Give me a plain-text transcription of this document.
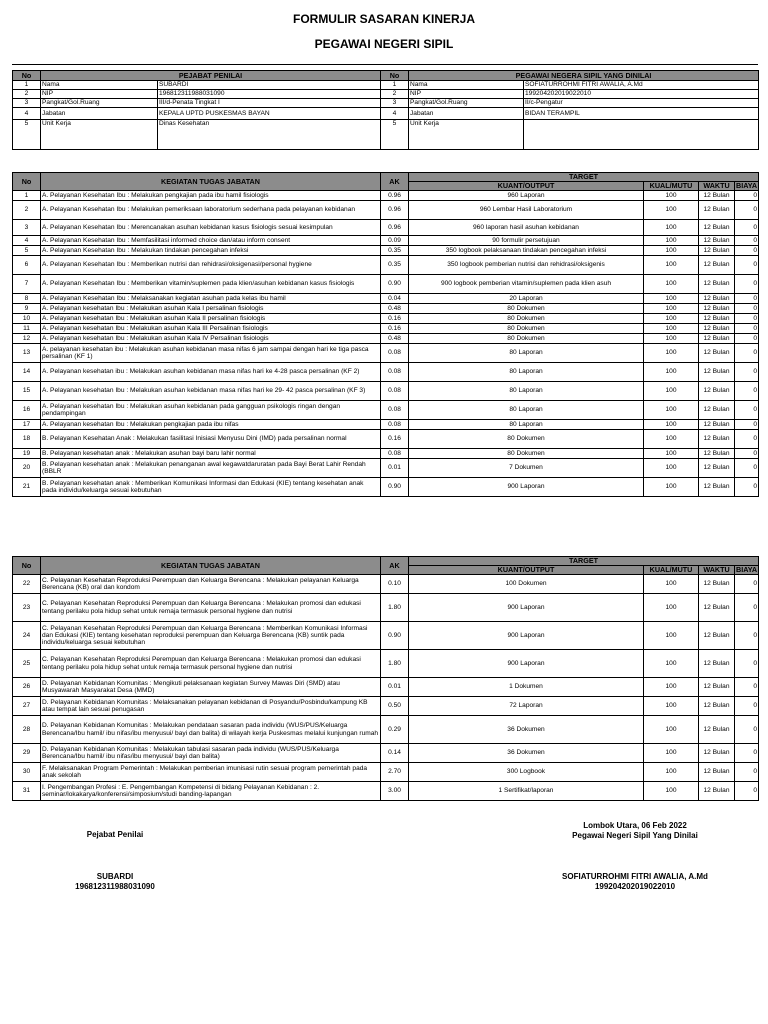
FORMULIR SASARAN KINERJA
PEGAWAI NEGERI SIPIL
No	PEJABAT PENILAI		No	PEGAWAI NEGERA SIPIL YANG DINILAI	
1	Nama	SUBARDI	1	Nama	SOFIATURROHMI FITRI AWALIA, A.Md
2	NIP	196812311988031090	2	NIP	199204202019022010
3	Pangkat/Gol.Ruang	III/d-Penata Tingkat I	3	Pangkat/Gol.Ruang	II/c-Pengatur
4	Jabatan	KEPALA UPTD PUSKESMAS BAYAN	4	Jabatan	BIDAN TERAMPIL
5	Unit Kerja	Dinas Kesehatan	5	Unit Kerja	
No	KEGIATAN TUGAS JABATAN	AK	TARGET			
			KUANT/OUTPUT	KUAL/MUTU	WAKTU	BIAYA
1	A. Pelayanan Kesehatan Ibu : Melakukan pengkajian pada ibu hamil fisiologis	0.96	960 Laporan	100	12 Bulan	0
2	A. Pelayanan Kesehatan Ibu : Melakukan pemeriksaan laboratorium sederhana pada pelayanan kebidanan	0.96	960 Lembar Hasil Laboratorium	100	12 Bulan	0
3	A. Pelayanan Kesehatan Ibu : Merencanakan asuhan kebidanan kasus fisiologis sesuai kesimpulan	0.96	960 laporan hasil asuhan kebidanan	100	12 Bulan	0
4	A. Pelayanan Kesehatan Ibu : Memfasilitasi informed choice dan/atau inform consent	0.09	90 formulir persetujuan	100	12 Bulan	0
5	A. Pelayanan Kesehatan Ibu : Melakukan tindakan pencegahan infeksi	0.35	350 logbook pelaksanaan tindakan pencegahan infeksi	100	12 Bulan	0
6	A. Pelayanan Kesehatan Ibu : Memberikan nutrisi dan rehidrasi/oksigenasi/personal hygiene	0.35	350 logbook pemberian nutrisi dan rehidrasi/oksigenis	100	12 Bulan	0
7	A. Pelayanan Kesehatan Ibu : Memberikan vitamin/suplemen pada klien/asuhan kebidanan kasus fisiologis	0.90	900 logbook pemberian vitamin/suplemen pada klien asuh	100	12 Bulan	0
8	A. Pelayanan Kesehatan Ibu : Melaksanakan kegiatan asuhan pada kelas ibu hamil	0.04	20 Laporan	100	12 Bulan	0
9	A. Pelayanan kesehatan Ibu : Melakukan asuhan Kala I persalinan fisiologis	0.48	80 Dokumen	100	12 Bulan	0
10	A. Pelayanan kesehatan Ibu : Melakukan asuhan Kala II persalinan fisiologis	0.16	80 Dokumen	100	12 Bulan	0
11	A. Pelayanan kesehatan Ibu : Melakukan asuhan Kala III Persalinan fisiologis	0.16	80 Dokumen	100	12 Bulan	0
12	A. Pelayanan kesehatan Ibu : Melakukan asuhan Kala IV Persalinan fisiologis	0.48	80 Dokumen	100	12 Bulan	0
13	A. pelayanan kesehatan ibu : Melakukan asuhan kebidanan masa nifas 6 jam sampai dengan hari ke tiga pasca persalinan (KF 1)	0.08	80 Laporan	100	12 Bulan	0
14	A. Pelayanan kesehatan ibu : Melakukan asuhan kebidanan masa nifas hari ke 4-28 pasca persalinan (KF 2)	0.08	80 Laporan	100	12 Bulan	0
15	A. Pelayanan kesehatan Ibu : Melakukan asuhan kebidanan masa nifas hari ke 29- 42 pasca persalinan (KF 3)	0.08	80 Laporan	100	12 Bulan	0
16	A. Pelayanan kesehatan Ibu : Melakukan asuhan kebidanan pada gangguan psikologis ringan dengan pendampingan	0.08	80 Laporan	100	12 Bulan	0
17	A. Pelayanan kesehatan Ibu : Melakukan pengkajian pada ibu nifas	0.08	80 Laporan	100	12 Bulan	0
18	B. Pelayanan Kesehatan Anak : Melakukan fasilitasi Inisiasi Menyusu Dini (IMD) pada persalinan normal	0.16	80 Dokumen	100	12 Bulan	0
19	B. Pelayanan kesehatan anak : Melakukan asuhan bayi baru lahir normal	0.08	80 Dokumen	100	12 Bulan	0
20	B. Pelayanan kesehatan anak : Melakukan penanganan awal kegawatdaruratan pada Bayi Berat Lahir Rendah (BBLR	0.01	7 Dokumen	100	12 Bulan	0
21	B. Pelayanan kesehatan anak : Memberikan Komunikasi Informasi dan Edukasi (KIE) tentang kesehatan anak pada individu/keluarga sesuai kebutuhan	0.90	900 Laporan	100	12 Bulan	0
No	KEGIATAN TUGAS JABATAN	AK	TARGET			
			KUANT/OUTPUT	KUAL/MUTU	WAKTU	BIAYA
22	C. Pelayanan Kesehatan Reproduksi Perempuan dan Keluarga Berencana : Melakukan pelayanan Keluarga Berencana (KB) oral dan kondom	0.10	100 Dokumen	100	12 Bulan	0
23	C. Pelayanan Kesehatan Reproduksi Perempuan dan Keluarga Berencana : Melakukan promosi dan edukasi tentang perilaku pola hidup sehat untuk remaja termasuk personal hygiene dan nutrisi	1.80	900 Laporan	100	12 Bulan	0
24	C. Pelayanan Kesehatan Reproduksi Perempuan dan Keluarga Berencana : Memberikan Komunikasi Informasi dan Edukasi (KIE) tentang kesehatan reproduksi perempuan dan Keluarga Berencana (KB) suntik pada individu/keluarga sesuai kebutuhan	0.90	900 Laporan	100	12 Bulan	0
25	C. Pelayanan Kesehatan Reproduksi Perempuan dan Keluarga Berencana : Melakukan promosi dan edukasi tentang perilaku pola hidup sehat untuk remaja termasuk personal hygiene dan nutrisi	1.80	900 Laporan	100	12 Bulan	0
26	D. Pelayanan Kebidanan Komunitas : Mengikuti pelaksanaan kegiatan Survey Mawas Diri (SMD) atau Musyawarah Masyarakat Desa (MMD)	0.01	1 Dokumen	100	12 Bulan	0
27	D. Pelayanan Kebidanan Komunitas : Melaksanakan pelayanan kebidanan di Posyandu/Posbindu/kampung KB atau tempat lain sesuai penugasan	0.50	72 Laporan	100	12 Bulan	0
28	D. Pelayanan Kebidanan Komunitas : Melakukan pendataan sasaran pada individu (WUS/PUS/Keluarga Berencana/Ibu hamil/ ibu nifas/ibu menyusui/ bayi dan balita) di wilayah kerja Puskesmas melalui kunjungan rumah	0.29	36 Dokumen	100	12 Bulan	0
29	D. Pelayanan Kebidanan Komunitas : Melakukan tabulasi sasaran pada individu (WUS/PUS/Keluarga Berencana/Ibu hamil/ ibu nifas/ibu menyusui/ bayi dan balita)	0.14	36 Dokumen	100	12 Bulan	0
30	F. Melaksanakan Program Pemerintah : Melakukan pemberian imunisasi rutin sesuai program pemerintah pada anak sekolah	2.70	300 Logbook	100	12 Bulan	0
31	I. Pengembangan Profesi : E. Pengembangan Kompetensi di bidang Pelayanan Kebidanan : 2. seminar/lokakarya/konferensi/simposium/studi banding-lapangan	3.00	1 Sertifikat/laporan	100	12 Bulan	0
Pejabat Penilai
SUBARDI
196812311988031090
Lombok Utara, 06 Feb 2022
Pegawai Negeri Sipil Yang Dinilai
SOFIATURROHMI FITRI AWALIA, A.Md
199204202019022010
